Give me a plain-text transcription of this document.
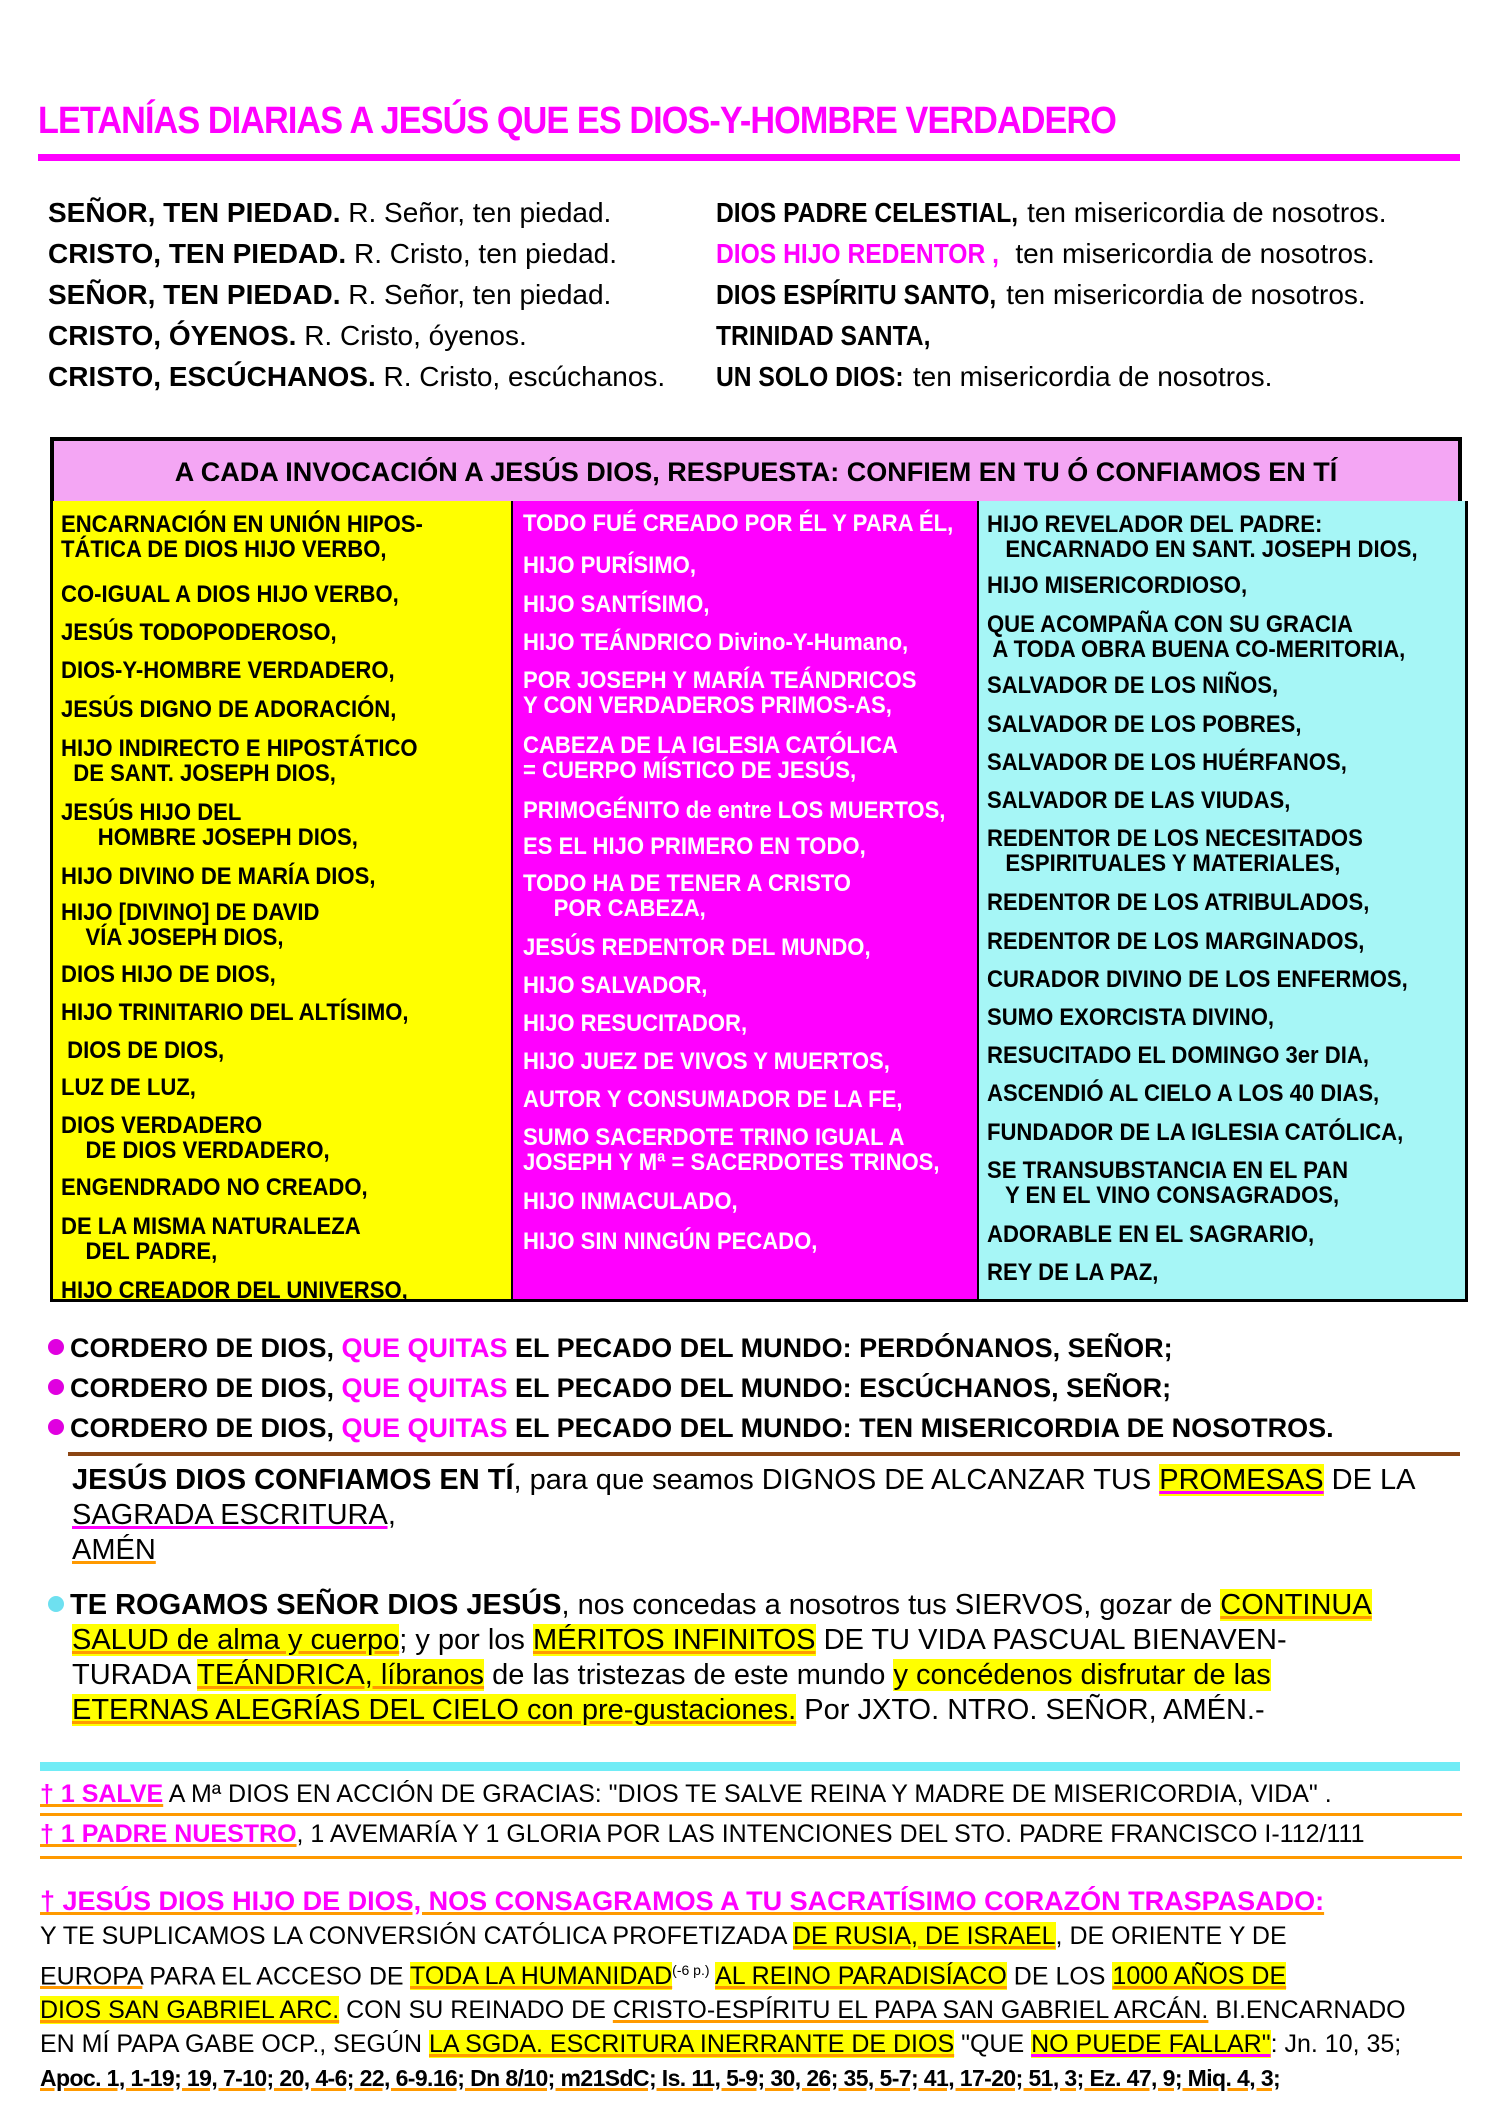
LETANÍAS DIARIAS A JESÚS QUE ES DIOS-Y-HOMBRE VERDADERO
SEÑOR, TEN PIEDAD. R. Señor, ten piedad.
CRISTO, TEN PIEDAD. R. Cristo, ten piedad.
SEÑOR, TEN PIEDAD. R. Señor, ten piedad.
CRISTO, ÓYENOS. R. Cristo, óyenos.
CRISTO, ESCÚCHANOS. R. Cristo, escúchanos.
DIOS PADRE CELESTIAL, ten misericordia de nosotros.
DIOS HIJO REDENTOR , ten misericordia de nosotros.
DIOS ESPÍRITU SANTO, ten misericordia de nosotros.
TRINIDAD SANTA,
UN SOLO DIOS: ten misericordia de nosotros.
A CADA INVOCACIÓN A JESÚS DIOS, RESPUESTA: CONFIEM EN TU Ó CONFIAMOS EN TÍ
ENCARNACIÓN EN UNIÓN HIPOS-
TÁTICA DE DIOS HIJO VERBO,
CO-IGUAL A DIOS HIJO VERBO,
JESÚS TODOPODEROSO,
DIOS-Y-HOMBRE VERDADERO,
JESÚS DIGNO DE ADORACIÓN,
HIJO INDIRECTO E HIPOSTÁTICO
DE SANT. JOSEPH DIOS,
JESÚS HIJO DEL
HOMBRE JOSEPH DIOS,
HIJO DIVINO DE MARÍA DIOS,
HIJO [DIVINO] DE DAVID
VÍA JOSEPH DIOS,
DIOS HIJO DE DIOS,
HIJO TRINITARIO DEL ALTÍSIMO,
DIOS DE DIOS,
LUZ DE LUZ,
DIOS VERDADERO
DE DIOS VERDADERO,
ENGENDRADO NO CREADO,
DE LA MISMA NATURALEZA
DEL PADRE,
HIJO CREADOR DEL UNIVERSO,
TODO FUÉ CREADO POR ÉL Y PARA ÉL,
HIJO PURÍSIMO,
HIJO SANTÍSIMO,
HIJO TEÁNDRICO Divino-Y-Humano,
POR JOSEPH Y MARÍA TEÁNDRICOS
Y CON VERDADEROS PRIMOS-AS,
CABEZA DE LA IGLESIA CATÓLICA
= CUERPO MÍSTICO DE JESÚS,
PRIMOGÉNITO de entre LOS MUERTOS,
ES EL HIJO PRIMERO EN TODO,
TODO HA DE TENER A CRISTO
POR CABEZA,
JESÚS REDENTOR DEL MUNDO,
HIJO SALVADOR,
HIJO RESUCITADOR,
HIJO JUEZ DE VIVOS Y MUERTOS,
AUTOR Y CONSUMADOR DE LA FE,
SUMO SACERDOTE TRINO IGUAL A
JOSEPH Y Mª = SACERDOTES TRINOS,
HIJO INMACULADO,
HIJO SIN NINGÚN PECADO,
HIJO REVELADOR DEL PADRE:
ENCARNADO EN SANT. JOSEPH DIOS,
HIJO MISERICORDIOSO,
QUE ACOMPAÑA CON SU GRACIA
A TODA OBRA BUENA CO-MERITORIA,
SALVADOR DE LOS NIÑOS,
SALVADOR DE LOS POBRES,
SALVADOR DE LOS HUÉRFANOS,
SALVADOR DE LAS VIUDAS,
REDENTOR DE LOS NECESITADOS
ESPIRITUALES Y MATERIALES,
REDENTOR DE LOS ATRIBULADOS,
REDENTOR DE LOS MARGINADOS,
CURADOR DIVINO DE LOS ENFERMOS,
SUMO EXORCISTA DIVINO,
RESUCITADO EL DOMINGO 3er DIA,
ASCENDIÓ AL CIELO A LOS 40 DIAS,
FUNDADOR DE LA IGLESIA CATÓLICA,
SE TRANSUBSTANCIA EN EL PAN
Y EN EL VINO CONSAGRADOS,
ADORABLE EN EL SAGRARIO,
REY DE LA PAZ,
CORDERO DE DIOS, QUE QUITAS EL PECADO DEL MUNDO: PERDÓNANOS, SEÑOR;
CORDERO DE DIOS, QUE QUITAS EL PECADO DEL MUNDO: ESCÚCHANOS, SEÑOR;
CORDERO DE DIOS, QUE QUITAS EL PECADO DEL MUNDO: TEN MISERICORDIA DE NOSOTROS.
JESÚS DIOS CONFIAMOS EN TÍ, para que seamos DIGNOS DE ALCANZAR TUS PROMESAS DE LA
SAGRADA ESCRITURA,
AMÉN
TE ROGAMOS SEÑOR DIOS JESÚS, nos concedas a nosotros tus SIERVOS, gozar de CONTINUA
SALUD de alma y cuerpo; y por los MÉRITOS INFINITOS DE TU VIDA PASCUAL BIENAVEN-
TURADA TEÁNDRICA, líbranos de las tristezas de este mundo y concédenos disfrutar de las
ETERNAS ALEGRÍAS DEL CIELO con pre-gustaciones. Por JXTO. NTRO. SEÑOR, AMÉN.-
† 1 SALVE A Mª DIOS EN ACCIÓN DE GRACIAS: "DIOS TE SALVE REINA Y MADRE DE MISERICORDIA, VIDA" .
† 1 PADRE NUESTRO, 1 AVEMARÍA Y 1 GLORIA POR LAS INTENCIONES DEL STO. PADRE FRANCISCO I-112/111
† JESÚS DIOS HIJO DE DIOS, NOS CONSAGRAMOS A TU SACRATÍSIMO CORAZÓN TRASPASADO:
Y TE SUPLICAMOS LA CONVERSIÓN CATÓLICA PROFETIZADA DE RUSIA, DE ISRAEL, DE ORIENTE Y DE
EUROPA PARA EL ACCESO DE TODA LA $HUMANIDAD^{(-6 p.)}$ AL REINO PARADISÍACO DE LOS 1000 AÑOS DE
DIOS SAN GABRIEL ARC. CON SU REINADO DE CRISTO-ESPÍRITU EL PAPA SAN GABRIEL ARCÁN. BI.ENCARNADO
EN MÍ PAPA GABE OCP., SEGÚN LA SGDA. ESCRITURA INERRANTE DE DIOS "QUE NO PUEDE FALLAR": Jn. 10, 35;
Apoc. 1, 1-19; 19, 7-10; 20, 4-6; 22, 6-9.16; Dn 8/10; m21SdC; Is. 11, 5-9; 30, 26; 35, 5-7; 41, 17-20; 51, 3; Ez. 47, 9; Miq. 4, 3;
